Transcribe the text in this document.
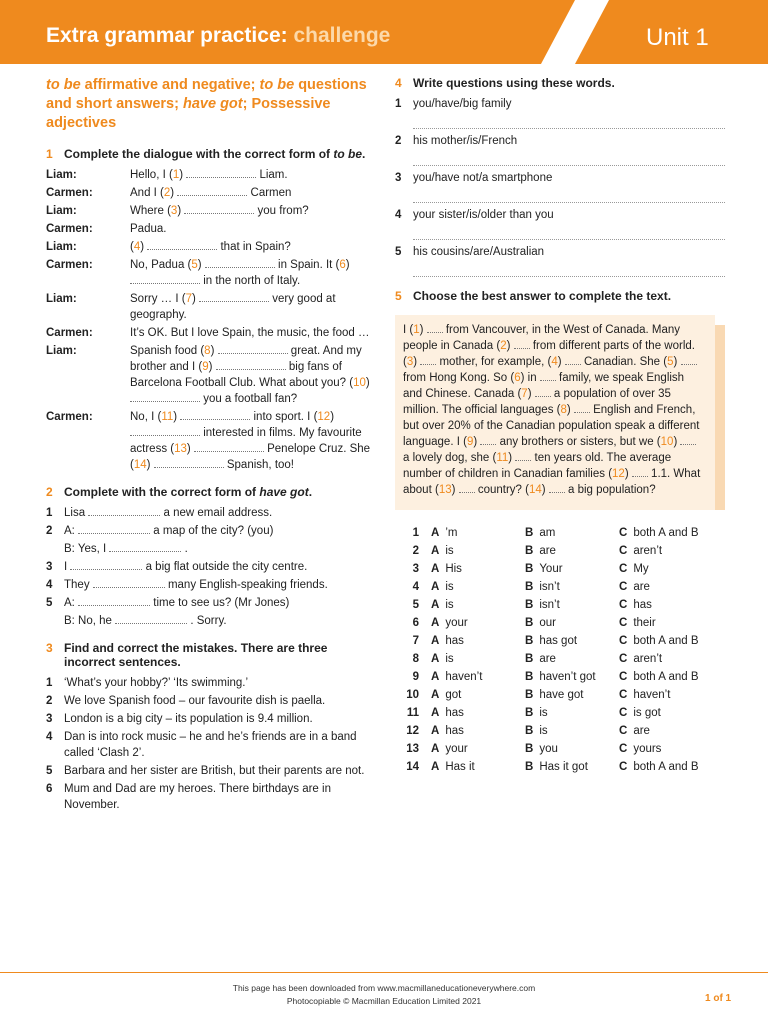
Extra grammar practice: challenge	Unit 1
to be affirmative and negative; to be questions and short answers; have got; Possessive adjectives
1 Complete the dialogue with the correct form of to be.
Liam:	Hello, I (1)	Liam.
Carmen:	And I (2)	Carmen
Liam:	Where (3)	you from?
Carmen:	Padua.
Liam:	(4)	that in Spain?
Carmen:	No, Padua (5)	in Spain. It (6)  in the north of Italy.
Liam:	Sorry … I (7)	very good at geography.
Carmen:	It’s OK. But I love Spain, the music, the food …
Liam:	Spanish food (8)	great. And my brother and I (9)	big fans of Barcelona Football Club. What about you? (10)  you a football fan?
Carmen:	No, I (11)	into sport. I (12)  interested in films. My favourite actress (13)	Penelope Cruz. She (14)	Spanish, too!
2 Complete with the correct form of have got.
1	Lisa	a new email address.
2	A:	a map of the city? (you)
B: Yes, I	.
3	I	a big flat outside the city centre.
4	They	many English-speaking friends.
5	A:	time to see us? (Mr Jones)
B: No, he	. Sorry.
3 Find and correct the mistakes. There are three incorrect sentences.
1	‘What’s your hobby?’ ‘Its swimming.’
2	We love Spanish food – our favourite dish is paella.
3	London is a big city – its population is 9.4 million.
4	Dan is into rock music – he and he’s friends are in a band called ‘Clash 2’.
5	Barbara and her sister are British, but their parents are not.
6	Mum and Dad are my heroes. There birthdays are in November.
4 Write questions using these words.
1	you/have/big family
2	his mother/is/French
3	you/have not/a smartphone
4	your sister/is/older than you
5	his cousins/are/Australian
5 Choose the best answer to complete the text.
I (1)  from Vancouver, in the West of Canada. Many people in Canada (2)  from different parts of the world. (3)  mother, for example, (4)  Canadian. She (5)  from Hong Kong. So (6) in  family, we speak English and Chinese. Canada (7)  a population of over 35 million. The official languages (8)  English and French, but over 20% of the Canadian population speak a different language. I (9)  any brothers or sisters, but we (10)  a lovely dog, she (11)  ten years old. The average number of children in Canadian families (12)  1.1. What about (13)  country? (14)  a big population?
1	A ’m	B am	C both A and B
2	A is	B are	C aren’t
3	A His	B Your	C My
4	A is	B isn’t	C are
5	A is	B isn’t	C has
6	A your	B our	C their
7	A has	B has got	C both A and B
8	A is	B are	C aren’t
9	A haven’t	B haven’t got	C both A and B
10	A got	B have got	C haven’t
11	A has	B is	C is got
12	A has	B is	C are
13	A your	B you	C yours
14	A Has it	B Has it got	C both A and B
This page has been downloaded from www.macmillaneducationeverywhere.com
Photocopiable © Macmillan Education Limited 2021	1 of 1
